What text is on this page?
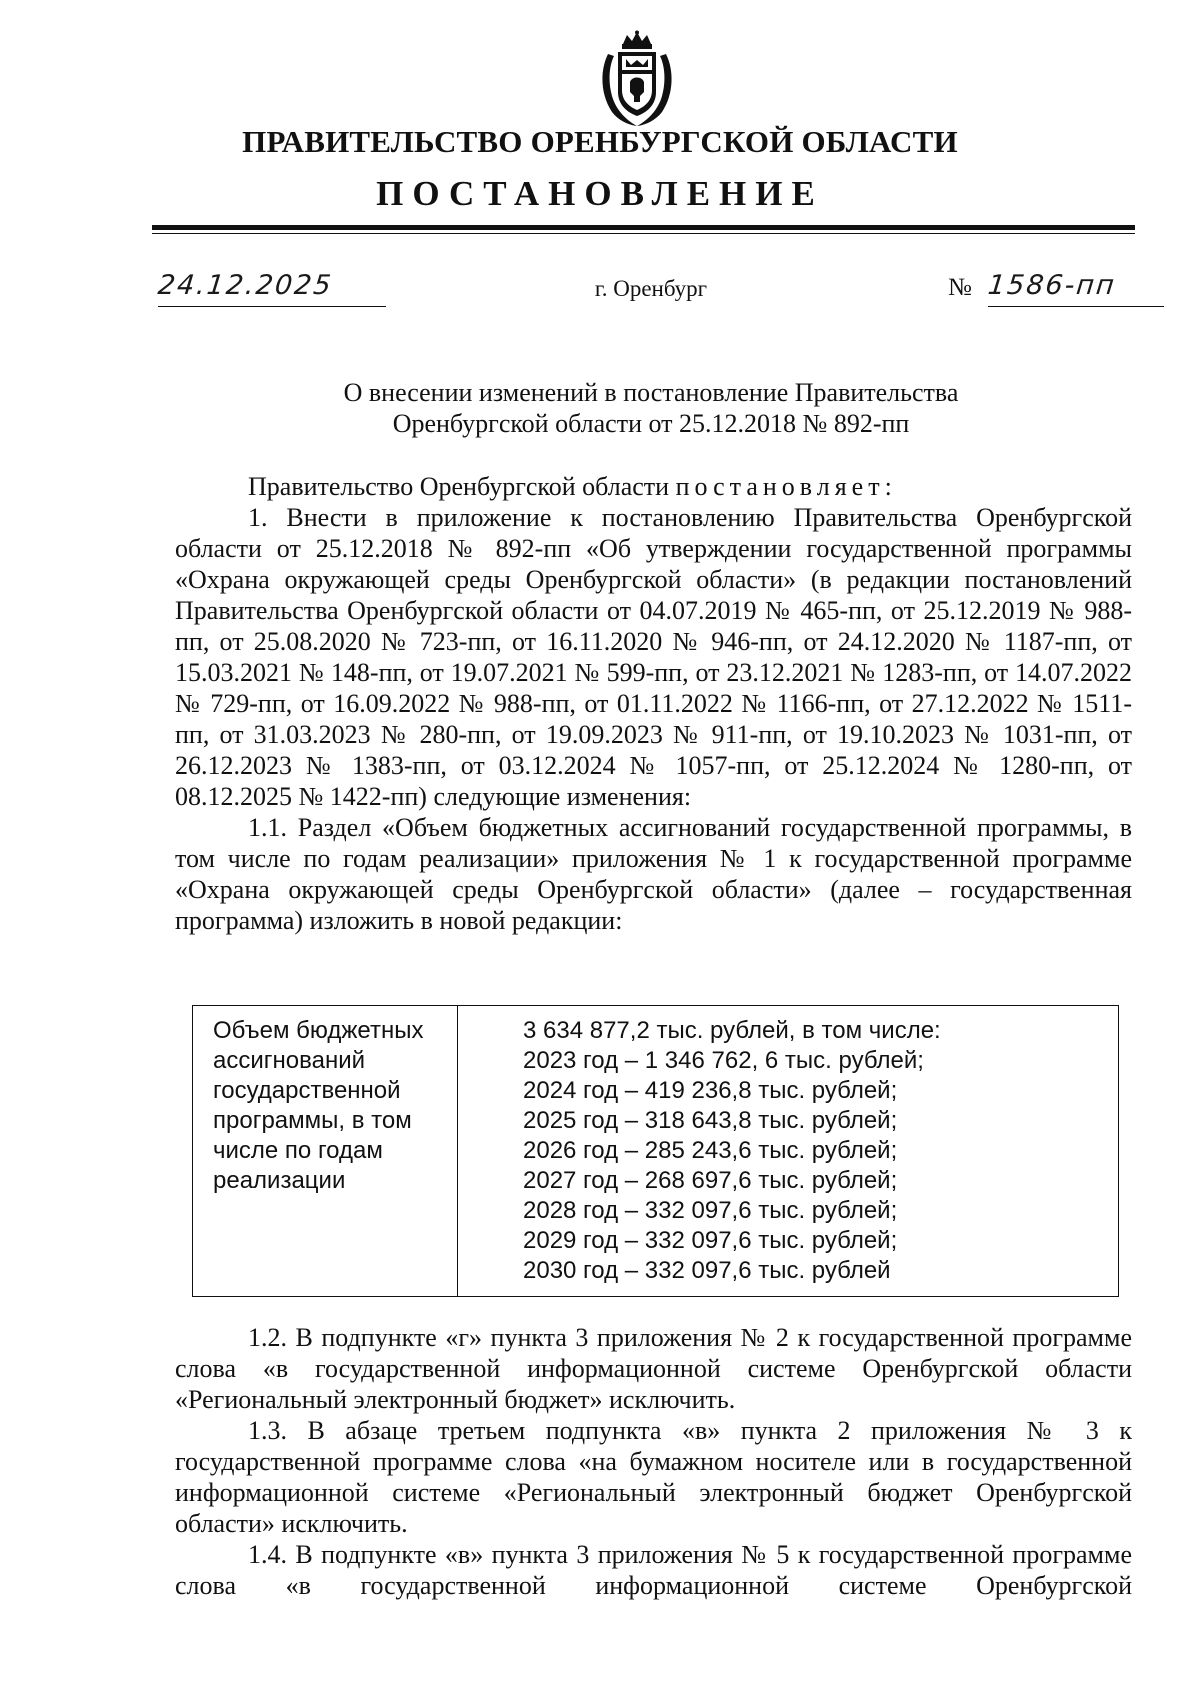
ПРАВИТЕЛЬСТВО ОРЕНБУРГСКОЙ ОБЛАСТИ
ПОСТАНОВЛЕНИЕ
24.12.2025	г. Оренбург	№ 1586-пп
О внесении изменений в постановление Правительства
Оренбургской области от 25.12.2018 № 892-пп

Правительство Оренбургской области постановляет:

1. Внести в приложение к постановлению Правительства Оренбургской области от 25.12.2018 № 892-пп «Об утверждении государственной программы «Охрана окружающей среды Оренбургской области» (в редакции постановлений Правительства Оренбургской области от 04.07.2019 № 465-пп, от 25.12.2019 № 988-пп, от 25.08.2020 № 723-пп, от 16.11.2020 № 946-пп, от 24.12.2020 № 1187-пп, от 15.03.2021 № 148-пп, от 19.07.2021 № 599-пп, от 23.12.2021 № 1283-пп, от 14.07.2022 № 729-пп, от 16.09.2022 № 988-пп, от 01.11.2022 № 1166-пп, от 27.12.2022 № 1511-пп, от 31.03.2023 № 280-пп, от 19.09.2023 № 911-пп, от 19.10.2023 № 1031-пп, от 26.12.2023 № 1383-пп, от 03.12.2024 № 1057-пп, от 25.12.2024 № 1280-пп, от 08.12.2025 № 1422-пп) следующие изменения:

1.1. Раздел «Объем бюджетных ассигнований государственной программы, в том числе по годам реализации» приложения № 1 к государственной программе «Охрана окружающей среды Оренбургской области» (далее – государственная программа) изложить в новой редакции:

Объем бюджетных
ассигнований
государственной
программы, в том
числе по годам
реализации
3 634 877,2 тыс. рублей, в том числе:
2023 год – 1 346 762, 6 тыс. рублей;
2024 год – 419 236,8 тыс. рублей;
2025 год – 318 643,8 тыс. рублей;
2026 год – 285 243,6 тыс. рублей;
2027 год – 268 697,6 тыс. рублей;
2028 год – 332 097,6 тыс. рублей;
2029 год – 332 097,6 тыс. рублей;
2030 год – 332 097,6 тыс. рублей

1.2. В подпункте «г» пункта 3 приложения № 2 к государственной программе слова «в государственной информационной системе Оренбургской области «Региональный электронный бюджет» исключить.

1.3. В абзаце третьем подпункта «в» пункта 2 приложения № 3 к государственной программе слова «на бумажном носителе или в государственной информационной системе «Региональный электронный бюджет Оренбургской области» исключить.

1.4. В подпункте «в» пункта 3 приложения № 5 к государственной программе слова «в государственной информационной системе Оренбургской
